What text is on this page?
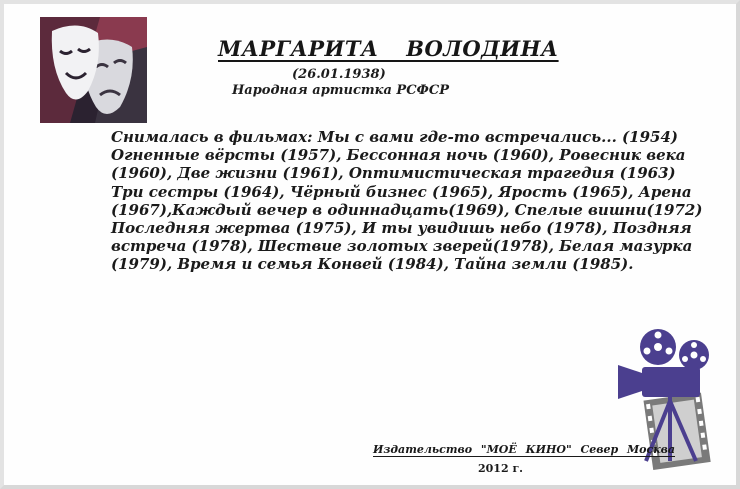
МАРГАРИТА  ВОЛОДИНА
(26.01.1938)
Народная артистка РСФСР
Снималась в фильмах: Мы с вами где-то встречались... (1954)
Огненные вёрсты (1957), Бессонная ночь (1960), Ровесник века
(1960), Две жизни (1961), Оптимистическая трагедия (1963)
Три сестры (1964), Чёрный бизнес (1965), Ярость (1965), Арена
(1967),Каждый вечер в одиннадцать(1969), Спелые вишни(1972)
Последняя жертва (1975), И ты увидишь небо (1978), Поздняя
встреча (1978), Шествие золотых зверей(1978), Белая мазурка
(1979), Время и семья Конвей (1984), Тайна земли (1985).
Издательство "МОЁ КИНО" Север Москва
2012 г.
